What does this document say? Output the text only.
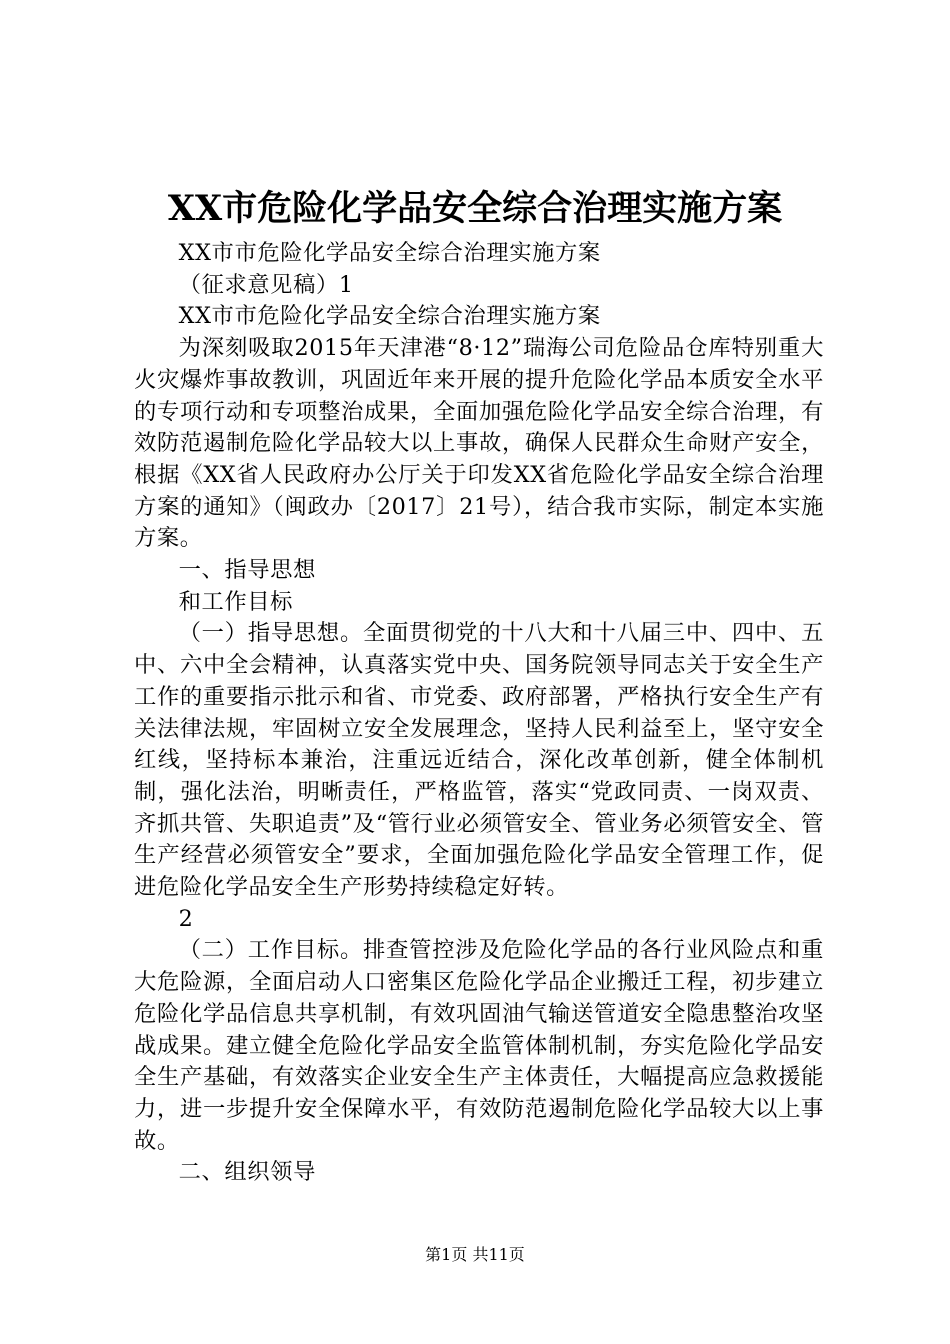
XX市危险化学品安全综合治理实施方案

XX市市危险化学品安全综合治理实施方案

（征求意见稿）1

XX市市危险化学品安全综合治理实施方案

为深刻吸取2015年天津港“8·12”瑞海公司危险品仓库特别重大火灾爆炸事故教训，巩固近年来开展的提升危险化学品本质安全水平的专项行动和专项整治成果，全面加强危险化学品安全综合治理，有效防范遏制危险化学品较大以上事故，确保人民群众生命财产安全，根据《XX省人民政府办公厅关于印发XX省危险化学品安全综合治理方案的通知》（闽政办〔2017〕21号），结合我市实际，制定本实施方案。

一、指导思想

和工作目标

（一）指导思想。全面贯彻党的十八大和十八届三中、四中、五中、六中全会精神，认真落实党中央、国务院领导同志关于安全生产工作的重要指示批示和省、市党委、政府部署，严格执行安全生产有关法律法规，牢固树立安全发展理念，坚持人民利益至上，坚守安全红线，坚持标本兼治，注重远近结合，深化改革创新，健全体制机制，强化法治，明晰责任，严格监管，落实“党政同责、一岗双责、齐抓共管、失职追责”及“管行业必须管安全、管业务必须管安全、管生产经营必须管安全”要求，全面加强危险化学品安全管理工作，促进危险化学品安全生产形势持续稳定好转。

2

（二）工作目标。排查管控涉及危险化学品的各行业风险点和重大危险源，全面启动人口密集区危险化学品企业搬迁工程，初步建立危险化学品信息共享机制，有效巩固油气输送管道安全隐患整治攻坚战成果。建立健全危险化学品安全监管体制机制，夯实危险化学品安全生产基础，有效落实企业安全生产主体责任，大幅提高应急救援能力，进一步提升安全保障水平，有效防范遏制危险化学品较大以上事故。

二、组织领导

第1页 共11页
